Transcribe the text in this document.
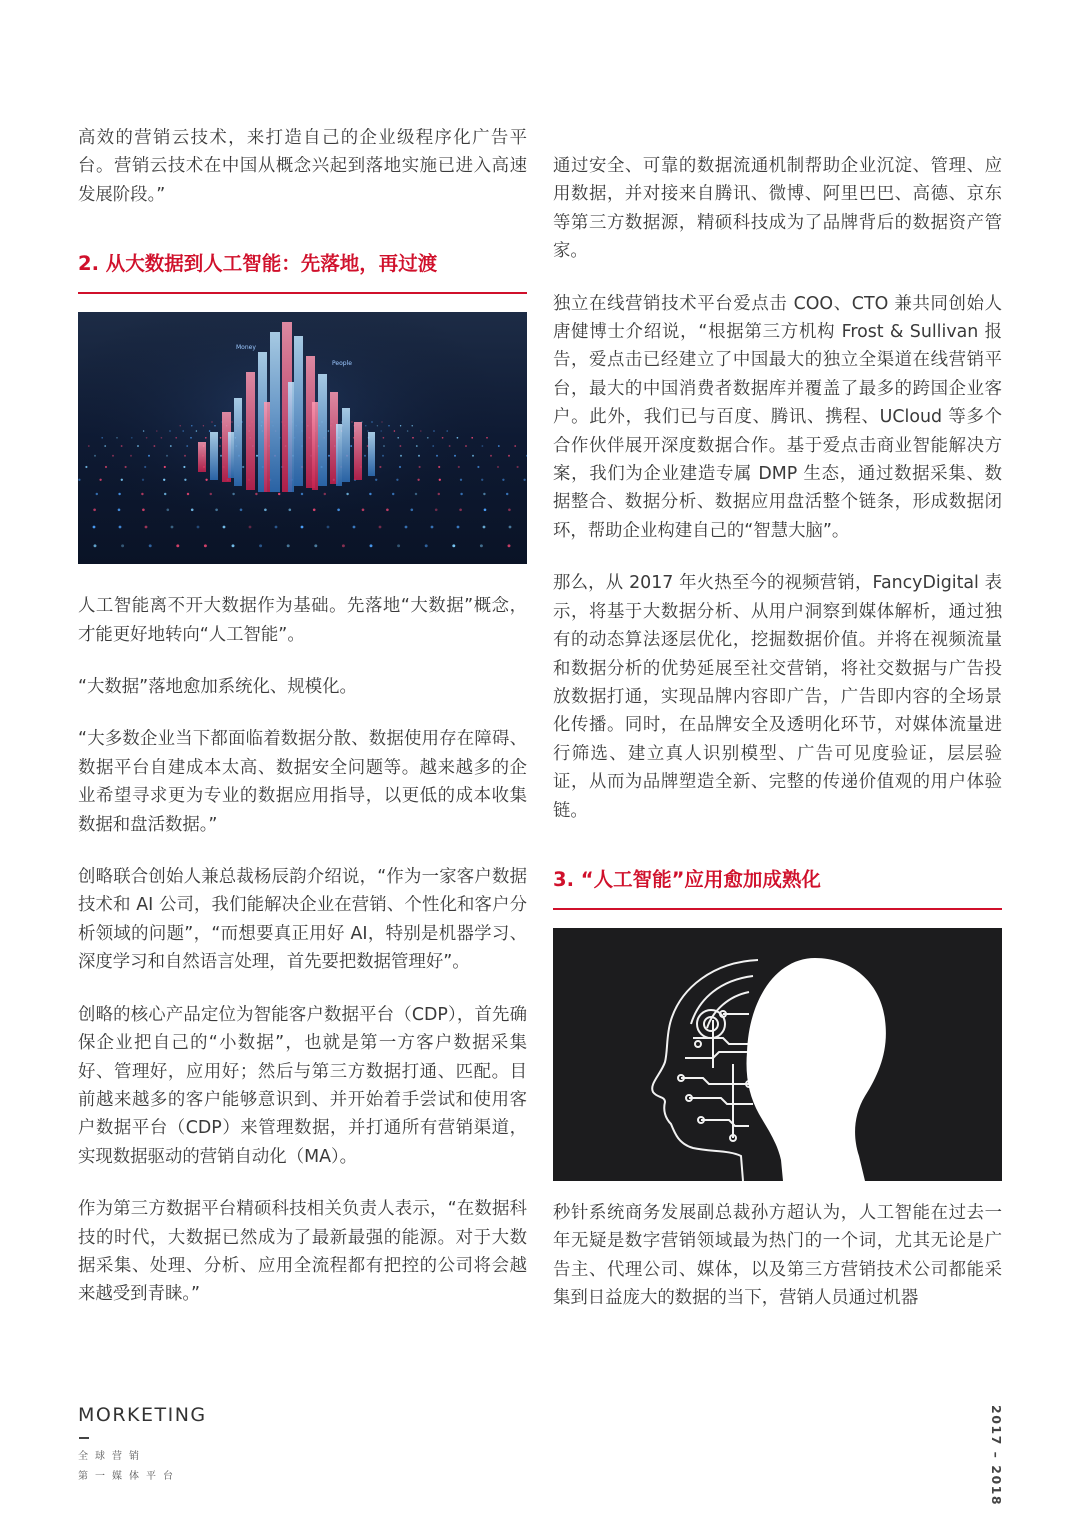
高效的营销云技术，来打造自己的企业级程序化广告平台。营销云技术在中国从概念兴起到落地实施已进入高速发展阶段。”

2. 从大数据到人工智能：先落地，再过渡

Money
People

人工智能离不开大数据作为基础。先落地“大数据”概念，才能更好地转向“人工智能”。

“大数据”落地愈加系统化、规模化。

“大多数企业当下都面临着数据分散、数据使用存在障碍、数据平台自建成本太高、数据安全问题等。越来越多的企业希望寻求更为专业的数据应用指导，以更低的成本收集数据和盘活数据。”

创略联合创始人兼总裁杨辰韵介绍说，“作为一家客户数据技术和 AI 公司，我们能解决企业在营销、个性化和客户分析领域的问题”，“而想要真正用好 AI，特别是机器学习、深度学习和自然语言处理，首先要把数据管理好”。

创略的核心产品定位为智能客户数据平台（CDP），首先确保企业把自己的“小数据”，也就是第一方客户数据采集好、管理好，应用好；然后与第三方数据打通、匹配。目前越来越多的客户能够意识到、并开始着手尝试和使用客户数据平台（CDP）来管理数据，并打通所有营销渠道，实现数据驱动的营销自动化（MA）。

作为第三方数据平台精硕科技相关负责人表示，“在数据科技的时代，大数据已然成为了最新最强的能源。对于大数据采集、处理、分析、应用全流程都有把控的公司将会越来越受到青睐。”

通过安全、可靠的数据流通机制帮助企业沉淀、管理、应用数据，并对接来自腾讯、微博、阿里巴巴、高德、京东等第三方数据源，精硕科技成为了品牌背后的数据资产管家。

独立在线营销技术平台爱点击 COO、CTO 兼共同创始人唐健博士介绍说，“根据第三方机构 Frost & Sullivan 报告，爱点击已经建立了中国最大的独立全渠道在线营销平台，最大的中国消费者数据库并覆盖了最多的跨国企业客户。此外，我们已与百度、腾讯、携程、UCloud 等多个合作伙伴展开深度数据合作。基于爱点击商业智能解决方案，我们为企业建造专属 DMP 生态，通过数据采集、数据整合、数据分析、数据应用盘活整个链条，形成数据闭环，帮助企业构建自己的“智慧大脑”。

那么，从 2017 年火热至今的视频营销，FancyDigital 表示，将基于大数据分析、从用户洞察到媒体解析，通过独有的动态算法逐层优化，挖掘数据价值。并将在视频流量和数据分析的优势延展至社交营销，将社交数据与广告投放数据打通，实现品牌内容即广告，广告即内容的全场景化传播。同时，在品牌安全及透明化环节，对媒体流量进行筛选、建立真人识别模型、广告可见度验证，层层验证，从而为品牌塑造全新、完整的传递价值观的用户体验链。

3. “人工智能”应用愈加成熟化

秒针系统商务发展副总裁孙方超认为，人工智能在过去一年无疑是数字营销领域最为热门的一个词，尤其无论是广告主、代理公司、媒体，以及第三方营销技术公司都能采集到日益庞大的数据的当下，营销人员通过机器

MORKETING
全球营销
第一媒体平台	2017 – 2018
